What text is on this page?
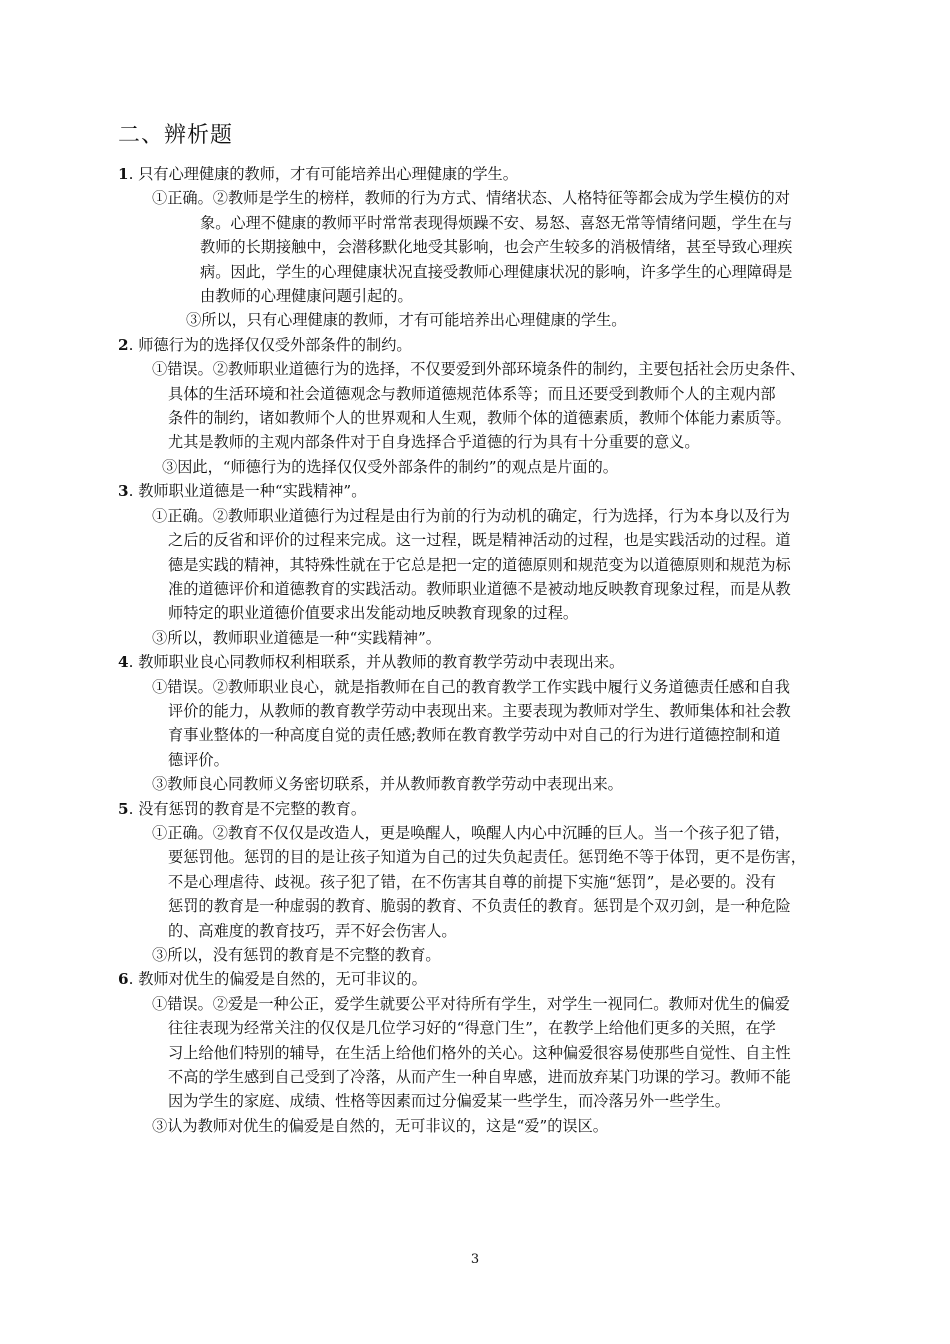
二、辨析题

1. 只有心理健康的教师，才有可能培养出心理健康的学生。

①正确。②教师是学生的榜样，教师的行为方式、情绪状态、人格特征等都会成为学生模仿的对

象。心理不健康的教师平时常常表现得烦躁不安、易怒、喜怒无常等情绪问题，学生在与

教师的长期接触中，会潜移默化地受其影响，也会产生较多的消极情绪，甚至导致心理疾

病。因此，学生的心理健康状况直接受教师心理健康状况的影响，许多学生的心理障碍是

由教师的心理健康问题引起的。

③所以，只有心理健康的教师，才有可能培养出心理健康的学生。

2. 师德行为的选择仅仅受外部条件的制约。

①错误。②教师职业道德行为的选择，不仅要爱到外部环境条件的制约，主要包括社会历史条件、

具体的生活环境和社会道德观念与教师道德规范体系等；而且还要受到教师个人的主观内部

条件的制约，诸如教师个人的世界观和人生观，教师个体的道德素质，教师个体能力素质等。

尤其是教师的主观内部条件对于自身选择合乎道德的行为具有十分重要的意义。

③因此，“师德行为的选择仅仅受外部条件的制约”的观点是片面的。

3. 教师职业道德是一种“实践精神”。

①正确。②教师职业道德行为过程是由行为前的行为动机的确定，行为选择，行为本身以及行为

之后的反省和评价的过程来完成。这一过程，既是精神活动的过程，也是实践活动的过程。道

德是实践的精神，其特殊性就在于它总是把一定的道德原则和规范变为以道德原则和规范为标

准的道德评价和道德教育的实践活动。教师职业道德不是被动地反映教育现象过程，而是从教

师特定的职业道德价值要求出发能动地反映教育现象的过程。

③所以，教师职业道德是一种“实践精神”。

4. 教师职业良心同教师权利相联系，并从教师的教育教学劳动中表现出来。

①错误。②教师职业良心，就是指教师在自己的教育教学工作实践中履行义务道德责任感和自我

评价的能力，从教师的教育教学劳动中表现出来。主要表现为教师对学生、教师集体和社会教

育事业整体的一种高度自觉的责任感;教师在教育教学劳动中对自己的行为进行道德控制和道

德评价。

③教师良心同教师义务密切联系，并从教师教育教学劳动中表现出来。

5. 没有惩罚的教育是不完整的教育。

①正确。②教育不仅仅是改造人，更是唤醒人，唤醒人内心中沉睡的巨人。当一个孩子犯了错，

要惩罚他。惩罚的目的是让孩子知道为自己的过失负起责任。惩罚绝不等于体罚，更不是伤害，

不是心理虐待、歧视。孩子犯了错，在不伤害其自尊的前提下实施“惩罚”，是必要的。没有

惩罚的教育是一种虚弱的教育、脆弱的教育、不负责任的教育。惩罚是个双刃剑，是一种危险

的、高难度的教育技巧，弄不好会伤害人。

③所以，没有惩罚的教育是不完整的教育。

6. 教师对优生的偏爱是自然的，无可非议的。

①错误。②爱是一种公正，爱学生就要公平对待所有学生，对学生一视同仁。教师对优生的偏爱

往往表现为经常关注的仅仅是几位学习好的“得意门生”，在教学上给他们更多的关照，在学

习上给他们特别的辅导，在生活上给他们格外的关心。这种偏爱很容易使那些自觉性、自主性

不高的学生感到自己受到了冷落，从而产生一种自卑感，进而放弃某门功课的学习。教师不能

因为学生的家庭、成绩、性格等因素而过分偏爱某一些学生，而冷落另外一些学生。

③认为教师对优生的偏爱是自然的，无可非议的，这是“爱”的误区。

3
